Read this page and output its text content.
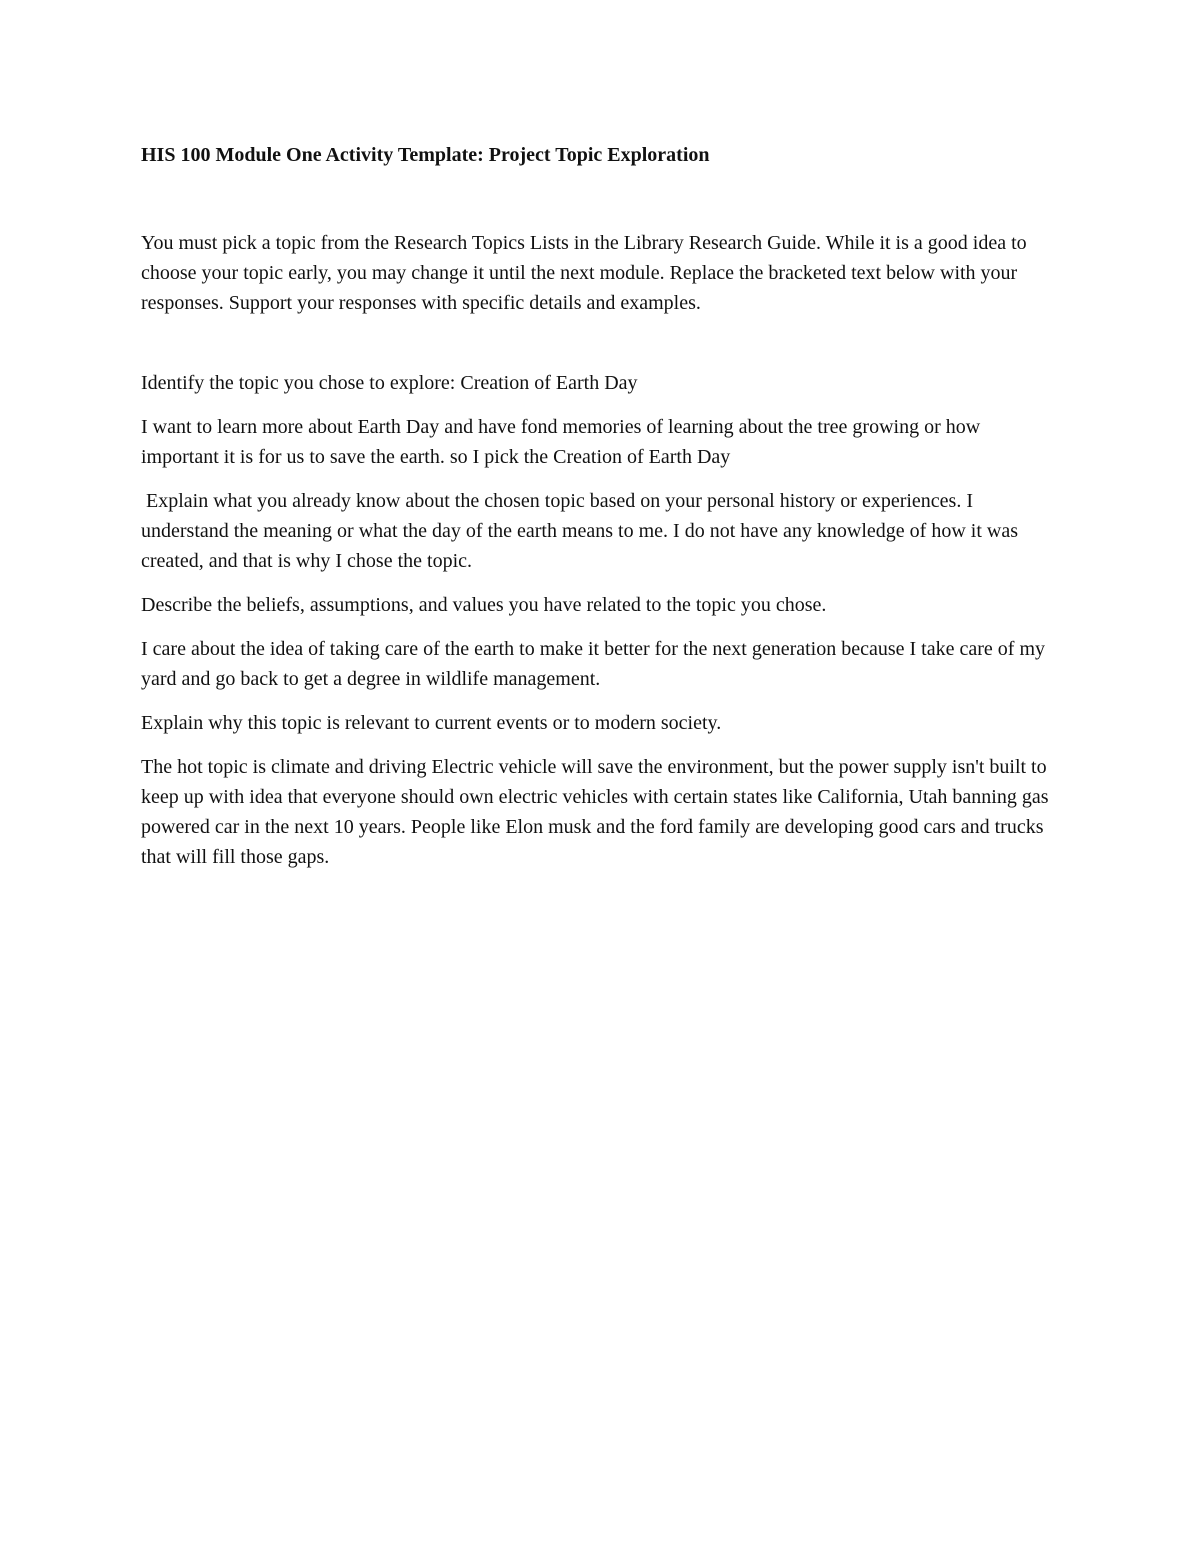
HIS 100 Module One Activity Template: Project Topic Exploration

You must pick a topic from the Research Topics Lists in the Library Research Guide. While it is a good idea to choose your topic early, you may change it until the next module. Replace the bracketed text below with your responses. Support your responses with specific details and examples.

Identify the topic you chose to explore: Creation of Earth Day

I want to learn more about Earth Day and have fond memories of learning about the tree growing or how important it is for us to save the earth. so I pick the Creation of Earth Day

Explain what you already know about the chosen topic based on your personal history or experiences. I understand the meaning or what the day of the earth means to me. I do not have any knowledge of how it was created, and that is why I chose the topic.

Describe the beliefs, assumptions, and values you have related to the topic you chose.

I care about the idea of taking care of the earth to make it better for the next generation because I take care of my yard and go back to get a degree in wildlife management.

Explain why this topic is relevant to current events or to modern society.

The hot topic is climate and driving Electric vehicle will save the environment, but the power supply isn't built to keep up with idea that everyone should own electric vehicles with certain states like California, Utah banning gas powered car in the next 10 years. People like Elon musk and the ford family are developing good cars and trucks that will fill those gaps.
